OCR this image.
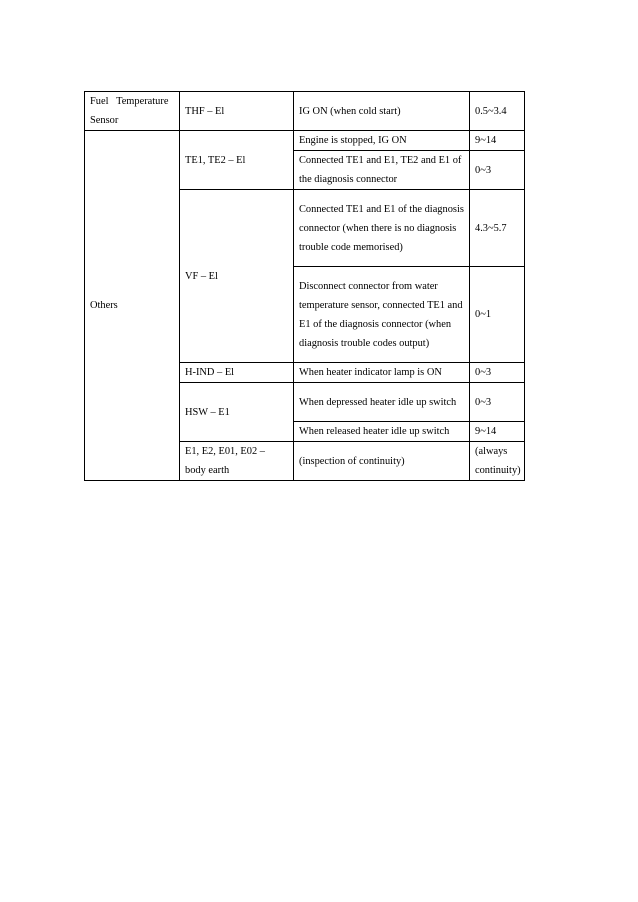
Fuel   Temperature
Sensor	THF – El	IG ON (when cold start)	0.5~3.4
Others	TE1, TE2 – El	Engine is stopped, IG ON	9~14
		Connected TE1 and E1, TE2 and E1 of the diagnosis connector	0~3
	VF – El	Connected TE1 and E1 of the diagnosis connector (when there is no diagnosis trouble code memorised)	4.3~5.7
		Disconnect connector from water temperature sensor, connected TE1 and E1 of the diagnosis connector (when diagnosis trouble codes output)	0~1
	H-IND – El	When heater indicator lamp is ON	0~3
	HSW – E1	When depressed heater idle up switch	0~3
		When released heater idle up switch	9~14
	E1, E2, E01, E02 – body earth	(inspection of continuity)	(always continuity)
